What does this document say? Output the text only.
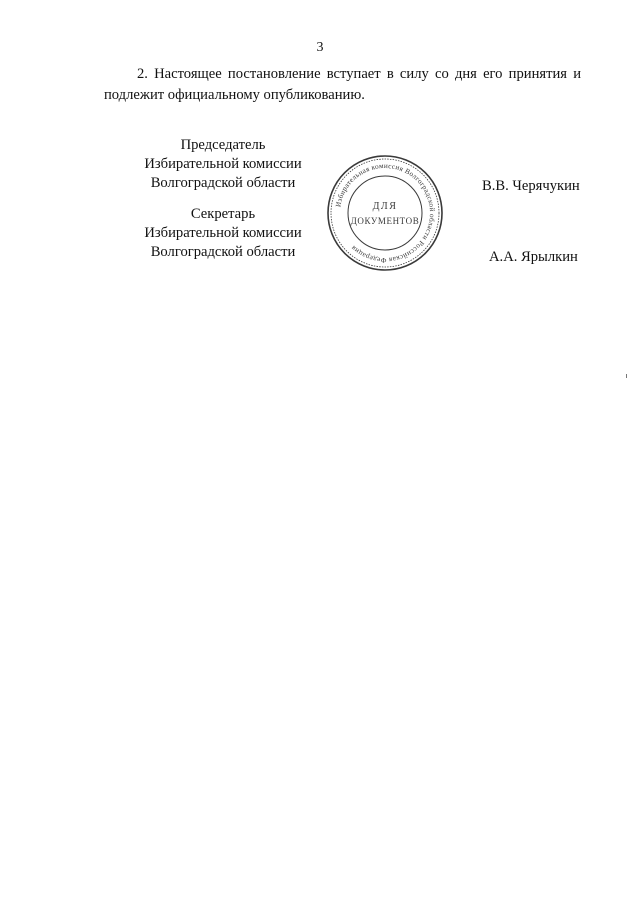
3
2. Настоящее постановление вступает в силу со дня его принятия и
подлежит официальному опубликованию.
Председатель
Избирательной комиссии
Волгоградской области
Секретарь
Избирательной комиссии
Волгоградской области
В.В. Черячукин
А.А. Ярылкин
Избирательная комиссия Волгоградской области Российская Федерация
ДЛЯ
ДОКУМЕНТОВ
